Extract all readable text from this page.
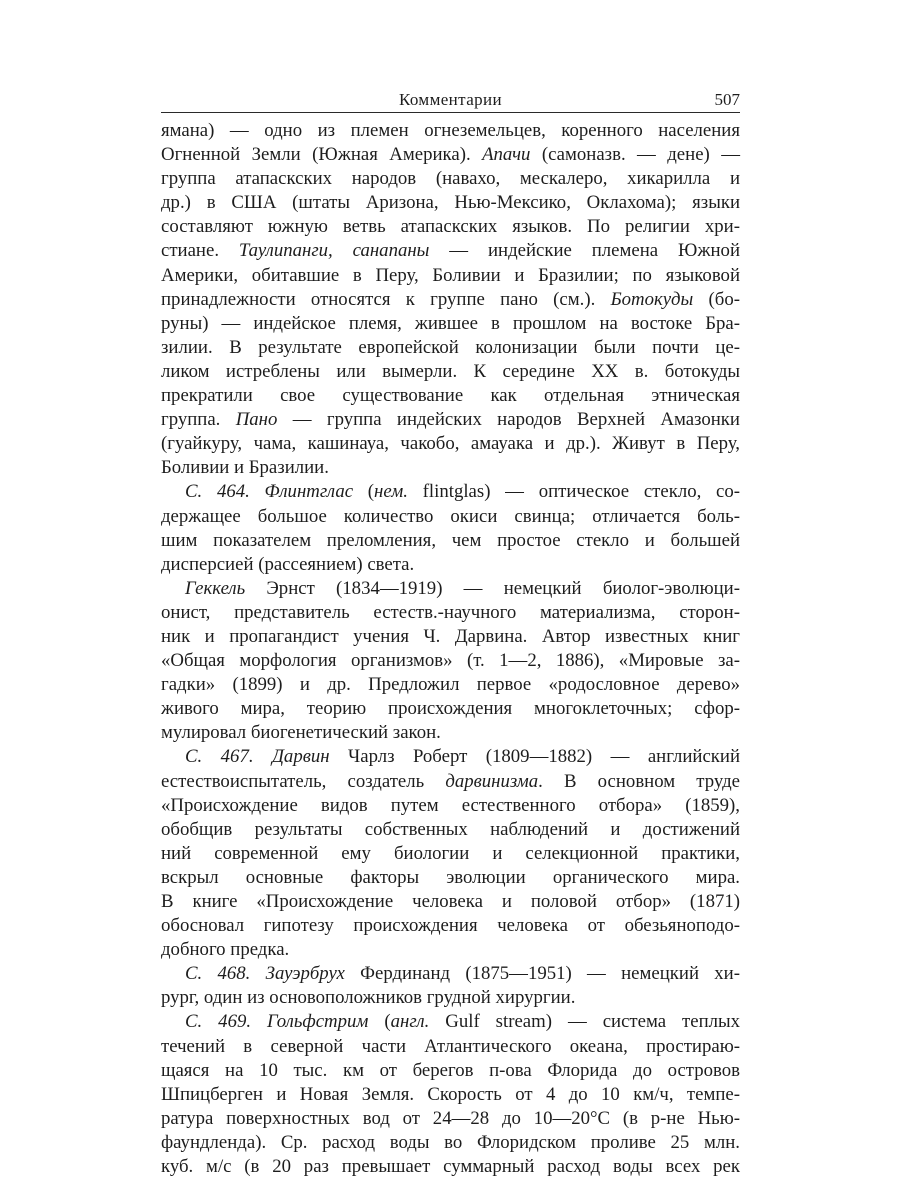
Комментарии	507
ямана) — одно из племен огнеземельцев, коренного населения
Огненной Земли (Южная Америка). Апачи (самоназв. — дене) —
группа атапаскских народов (навахо, мескалеро, хикарилла и
др.) в США (штаты Аризона, Нью-Мексико, Оклахома); языки
составляют южную ветвь атапаскских языков. По религии хри-
стиане. Таулипанги, санапаны — индейские племена Южной
Америки, обитавшие в Перу, Боливии и Бразилии; по языковой
принадлежности относятся к группе пано (см.). Ботокуды (бо-
руны) — индейское племя, жившее в прошлом на востоке Бра-
зилии. В результате европейской колонизации были почти це-
ликом истреблены или вымерли. К середине XX в. ботокуды
прекратили свое существование как отдельная этническая
группа. Пано — группа индейских народов Верхней Амазонки
(гуайкуру, чама, кашинауа, чакобо, амауака и др.). Живут в Перу,
Боливии и Бразилии.
С. 464. Флинтглас (нем. flintglas) — оптическое стекло, со-
держащее большое количество окиси свинца; отличается боль-
шим показателем преломления, чем простое стекло и большей
дисперсией (рассеянием) света.
Геккель Эрнст (1834—1919) — немецкий биолог-эволюци-
онист, представитель естеств.-научного материализма, сторон-
ник и пропагандист учения Ч. Дарвина. Автор известных книг
«Общая морфология организмов» (т. 1—2, 1886), «Мировые за-
гадки» (1899) и др. Предложил первое «родословное дерево»
живого мира, теорию происхождения многоклеточных; сфор-
мулировал биогенетический закон.
С. 467. Дарвин Чарлз Роберт (1809—1882) — английский
естествоиспытатель, создатель дарвинизма. В основном труде
«Происхождение видов путем естественного отбора» (1859),
обобщив результаты собственных наблюдений и достижений
ний современной ему биологии и селекционной практики,
вскрыл основные факторы эволюции органического мира.
В книге «Происхождение человека и половой отбор» (1871)
обосновал гипотезу происхождения человека от обезьяноподо-
добного предка.
С. 468. Зауэрбрух Фердинанд (1875—1951) — немецкий хи-
рург, один из основоположников грудной хирургии.
С. 469. Гольфстрим (англ. Gulf stream) — система теплых
течений в северной части Атлантического океана, простираю-
щаяся на 10 тыс. км от берегов п-ова Флорида до островов
Шпицберген и Новая Земля. Скорость от 4 до 10 км/ч, темпе-
ратура поверхностных вод от 24—28 до 10—20°C (в р-не Нью-
фаундленда). Ср. расход воды во Флоридском проливе 25 млн.
куб. м/с (в 20 раз превышает суммарный расход воды всех рек
